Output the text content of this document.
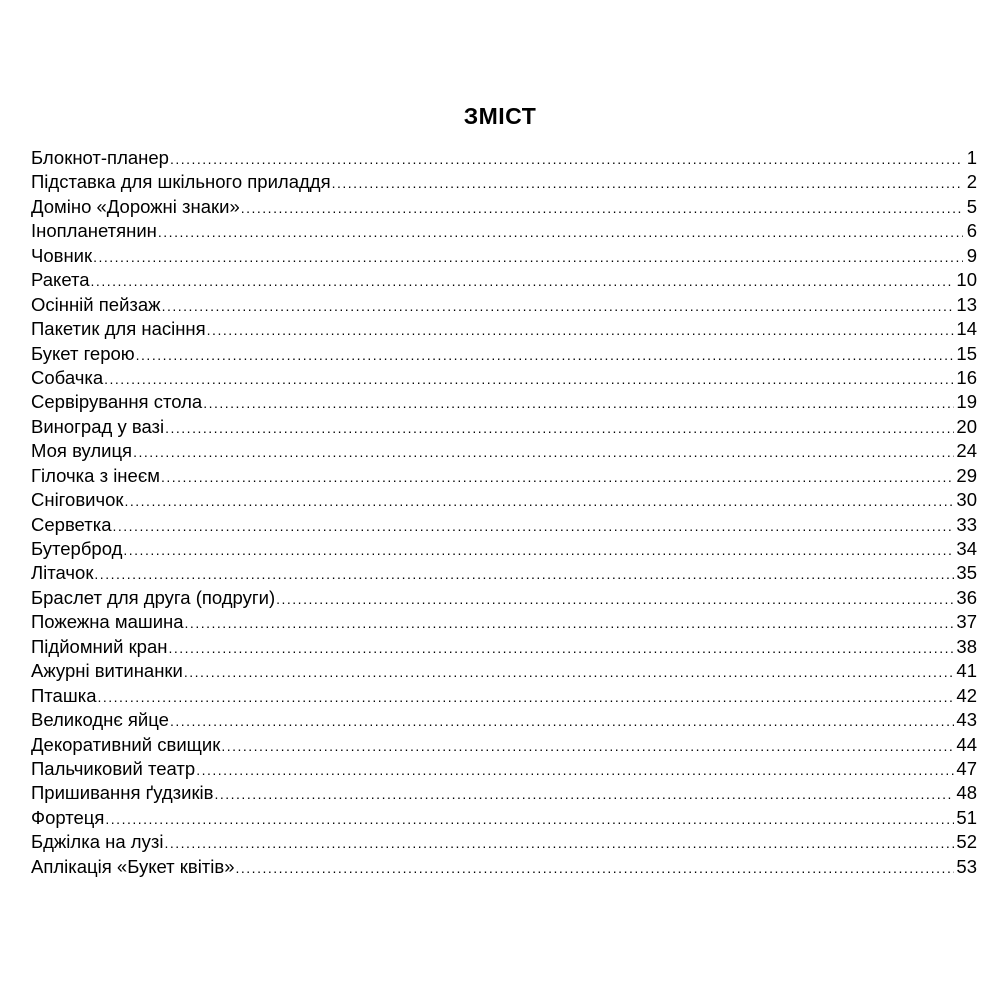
ЗМІСТ
Блокнот-планер .....	1
Підставка для шкільного приладдя .....	2
Доміно «Дорожні знаки» .....	5
Інопланетянин .....	6
Човник .....	9
Ракета .....	10
Осінній пейзаж .....	13
Пакетик для насіння .....	14
Букет герою .....	15
Собачка .....	16
Сервірування стола .....	19
Виноград у вазі .....	20
Моя вулиця .....	24
Гілочка з інеєм .....	29
Сніговичок .....	30
Серветка .....	33
Бутерброд .....	34
Літачок .....	35
Браслет для друга (подруги) .....	36
Пожежна машина .....	37
Підйомний кран .....	38
Ажурні витинанки .....	41
Пташка .....	42
Великоднє яйце .....	43
Декоративний свищик .....	44
Пальчиковий театр .....	47
Пришивання ґудзиків .....	48
Фортеця .....	51
Бджілка на лузі .....	52
Аплікація «Букет квітів» .....	53
